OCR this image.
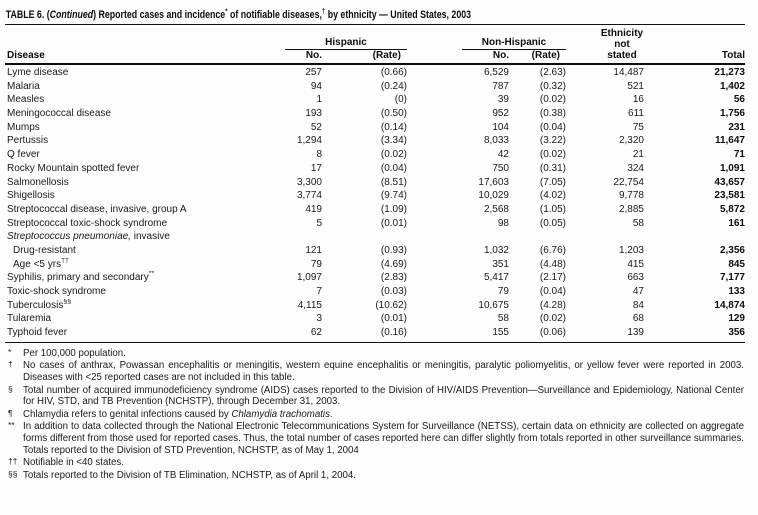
TABLE 6. (Continued) Reported cases and incidence* of notifiable diseases,† by ethnicity — United States, 2003
Disease
Hispanic	Non-Hispanic
No.	(Rate)	No.	(Rate)
Ethnicity
not
stated	Total
Lyme disease	257	(0.66)	6,529	(2.63)	14,487	21,273
Malaria	94	(0.24)	787	(0.32)	521	1,402
Measles	1	(0)	39	(0.02)	16	56
Meningococcal disease	193	(0.50)	952	(0.38)	611	1,756
Mumps	52	(0.14)	104	(0.04)	75	231
Pertussis	1,294	(3.34)	8,033	(3.22)	2,320	11,647
Q fever	8	(0.02)	42	(0.02)	21	71
Rocky Mountain spotted fever	17	(0.04)	750	(0.31)	324	1,091
Salmonellosis	3,300	(8.51)	17,603	(7.05)	22,754	43,657
Shigellosis	3,774	(9.74)	10,029	(4.02)	9,778	23,581
Streptococcal disease, invasive, group A	419	(1.09)	2,568	(1.05)	2,885	5,872
Streptococcal toxic-shock syndrome	5	(0.01)	98	(0.05)	58	161
Streptococcus pneumoniae, invasive
Drug-resistant	121	(0.93)	1,032	(6.76)	1,203	2,356
Age <5 yrs††	79	(4.69)	351	(4.48)	415	845
Syphilis, primary and secondary**	1,097	(2.83)	5,417	(2.17)	663	7,177
Toxic-shock syndrome	7	(0.03)	79	(0.04)	47	133
Tuberculosis§§	4,115	(10.62)	10,675	(4.28)	84	14,874
Tularemia	3	(0.01)	58	(0.02)	68	129
Typhoid fever	62	(0.16)	155	(0.06)	139	356
* Per 100,000 population.
† No cases of anthrax, Powassan encephalitis or meningitis, western equine encephalitis or meningitis, paralytic poliomyelitis, or yellow fever were reported in 2003. Diseases with <25 reported cases are not included in this table.
§ Total number of acquired immunodeficiency syndrome (AIDS) cases reported to the Division of HIV/AIDS Prevention—Surveillance and Epidemiology, National Center for HIV, STD, and TB Prevention (NCHSTP), through December 31, 2003.
¶ Chlamydia refers to genital infections caused by Chlamydia trachomatis.
** In addition to data collected through the National Electronic Telecommunications System for Surveillance (NETSS), certain data on ethnicity are collected on aggregate forms different from those used for reported cases. Thus, the total number of cases reported here can differ slightly from totals reported in other surveillance summaries. Totals reported to the Division of STD Prevention, NCHSTP, as of May 1, 2004
†† Notifiable in <40 states.
§§ Totals reported to the Division of TB Elimination, NCHSTP, as of April 1, 2004.
